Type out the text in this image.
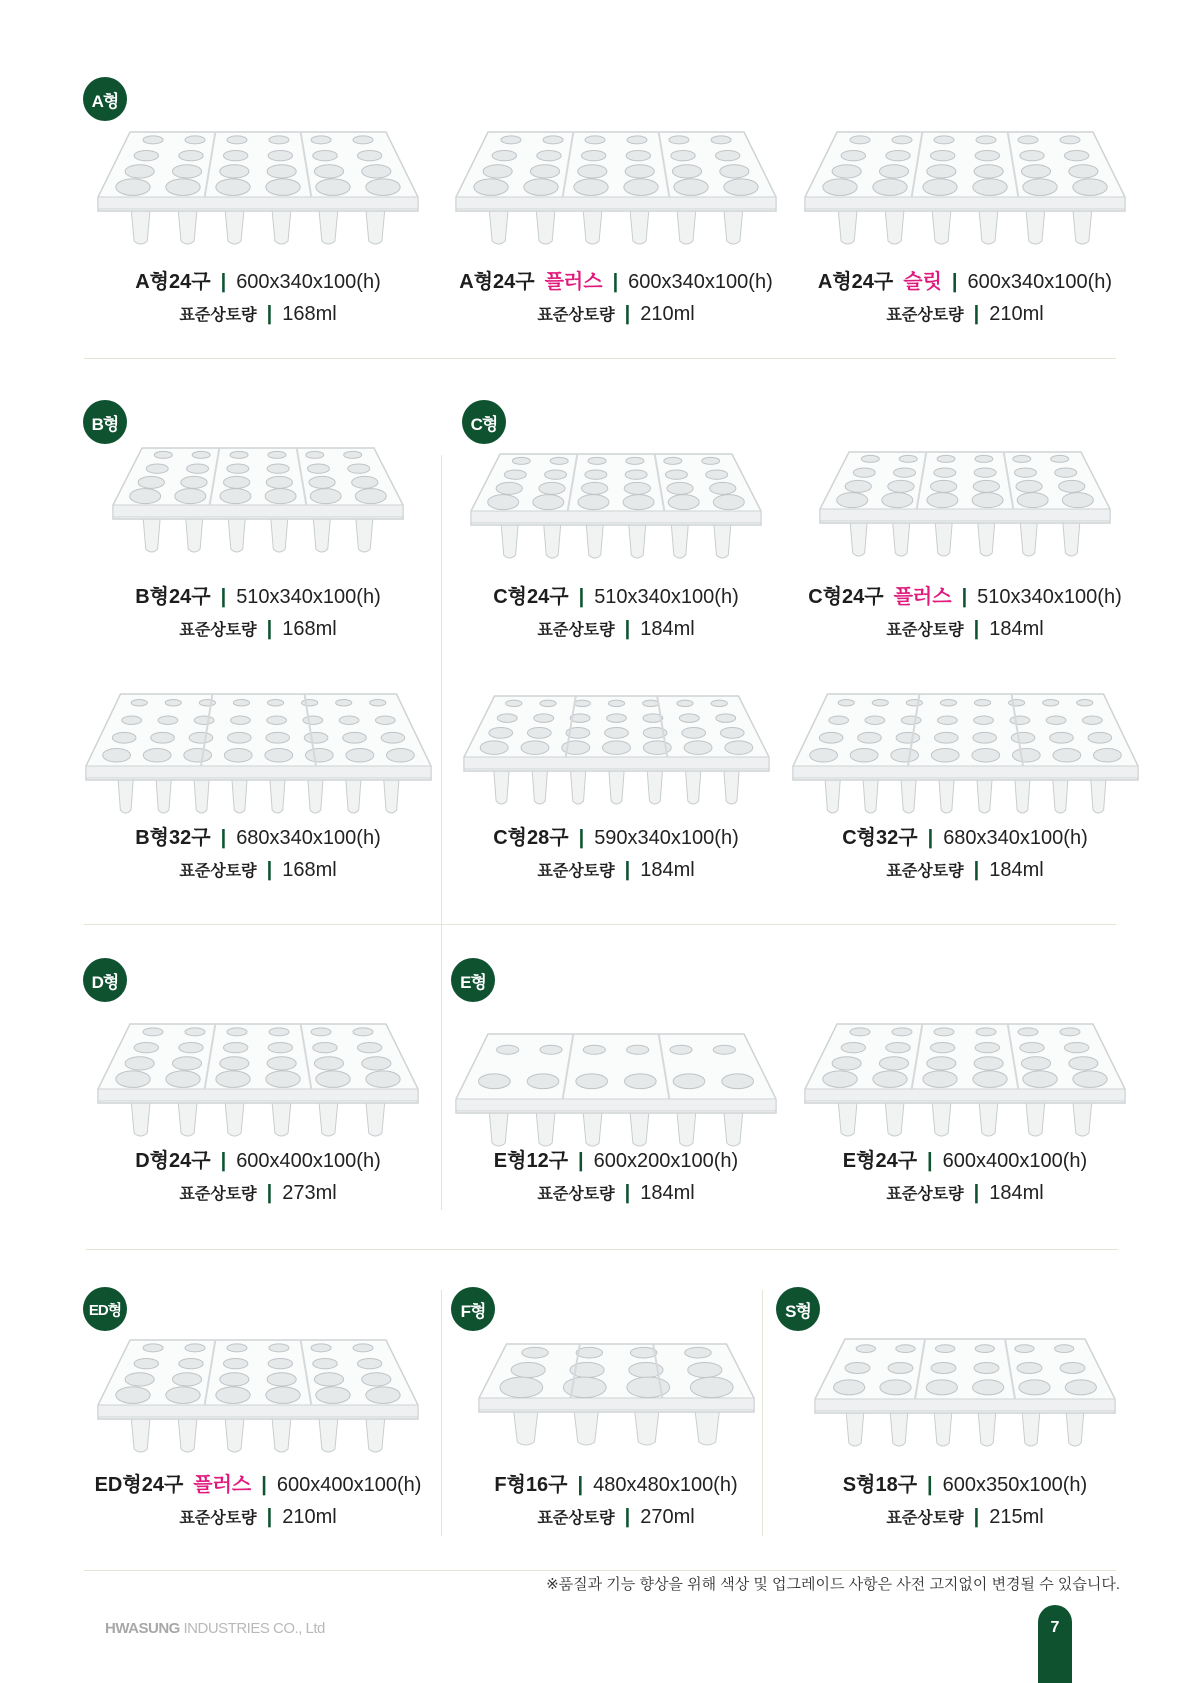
A형
B형	C형
D형	E형
ED형	F형	S형
A형24구 | 600x340x100(h)
표준상토량 | 168ml
A형24구 플러스 | 600x340x100(h)
표준상토량 | 210ml
A형24구 슬릿 | 600x340x100(h)
표준상토량 | 210ml
B형24구 | 510x340x100(h)
표준상토량 | 168ml
C형24구 | 510x340x100(h)
표준상토량 | 184ml
C형24구 플러스 | 510x340x100(h)
표준상토량 | 184ml
B형32구 | 680x340x100(h)
표준상토량 | 168ml
C형28구 | 590x340x100(h)
표준상토량 | 184ml
C형32구 | 680x340x100(h)
표준상토량 | 184ml
D형24구 | 600x400x100(h)
표준상토량 | 273ml
E형12구 | 600x200x100(h)
표준상토량 | 184ml
E형24구 | 600x400x100(h)
표준상토량 | 184ml
ED형24구 플러스 | 600x400x100(h)
표준상토량 | 210ml
F형16구 | 480x480x100(h)
표준상토량 | 270ml
S형18구 | 600x350x100(h)
표준상토량 | 215ml
※품질과 기능 향상을 위해 색상 및 업그레이드 사항은 사전 고지없이 변경될 수 있습니다.
HWASUNG INDUSTRIES CO., Ltd	7
